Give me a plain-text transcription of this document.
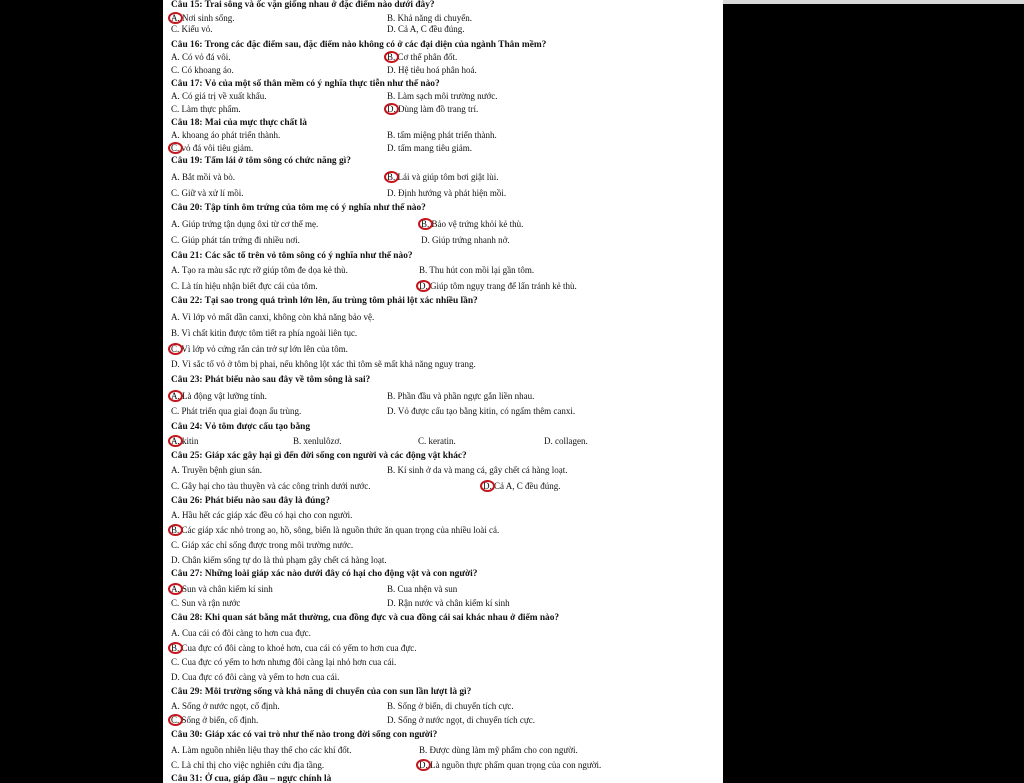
Câu 15: Trai sông và ốc vặn giống nhau ở đặc điểm nào dưới đây?
A. Nơi sinh sống.	B. Khả năng di chuyển.
C. Kiểu vỏ.	D. Cả A, C đều đúng.
Câu 16: Trong các đặc điểm sau, đặc điểm nào không có ở các đại diện của ngành Thân mềm?
A. Có vỏ đá vôi.	B. Cơ thể phân đốt.
C. Có khoang áo.	D. Hệ tiêu hoá phân hoá.
Câu 17: Vỏ của một số thân mềm có ý nghĩa thực tiễn như thế nào?
A. Có giá trị về xuất khẩu.	B. Làm sạch môi trường nước.
C. Làm thực phẩm.	D. Dùng làm đồ trang trí.
Câu 18: Mai của mực thực chất là
A. khoang áo phát triển thành.	B. tấm miệng phát triển thành.
C. vỏ đá vôi tiêu giảm.	D. tấm mang tiêu giảm.
Câu 19: Tấm lái ở tôm sông có chức năng gì?
A. Bắt mồi và bò.	B. Lái và giúp tôm bơi giật lùi.
C. Giữ và xử lí mồi.	D. Định hướng và phát hiện mồi.
Câu 20: Tập tính ôm trứng của tôm mẹ có ý nghĩa như thế nào?
A. Giúp trứng tận dụng ôxi từ cơ thể mẹ.	B. Bảo vệ trứng khỏi kẻ thù.
C. Giúp phát tán trứng đi nhiều nơi.	D. Giúp trứng nhanh nở.
Câu 21: Các sắc tố trên vỏ tôm sông có ý nghĩa như thế nào?
A. Tạo ra màu sắc rực rỡ giúp tôm đe dọa kẻ thù.	B. Thu hút con mồi lại gần tôm.
C. Là tín hiệu nhận biết đực cái của tôm.	D. Giúp tôm ngụy trang để lẩn tránh kẻ thù.
Câu 22: Tại sao trong quá trình lớn lên, ấu trùng tôm phải lột xác nhiều lần?
A. Vì lớp vỏ mất dần canxi, không còn khả năng bảo vệ.
B. Vì chất kitin được tôm tiết ra phía ngoài liên tục.
C. Vì lớp vỏ cứng rắn cản trở sự lớn lên của tôm.
D. Vì sắc tố vỏ ở tôm bị phai, nếu không lột xác thì tôm sẽ mất khả năng nguy trang.
Câu 23: Phát biểu nào sau đây về tôm sông là sai?
A. Là động vật lưỡng tính.	B. Phần đầu và phần ngực gắn liền nhau.
C. Phát triển qua giai đoạn ấu trùng.	D. Vỏ được cấu tạo bằng kitin, có ngấm thêm canxi.
Câu 24: Vỏ tôm được cấu tạo bằng
A. kitin	B. xenlulôzơ.	C. keratin.	D. collagen.
Câu 25: Giáp xác gây hại gì đến đời sống con người và các động vật khác?
A. Truyền bệnh giun sán.	B. Kí sinh ở da và mang cá, gây chết cá hàng loạt.
C. Gây hại cho tàu thuyền và các công trình dưới nước.	D. Cả A, C đều đúng.
Câu 26: Phát biểu nào sau đây là đúng?
A. Hầu hết các giáp xác đều có hại cho con người.
B. Các giáp xác nhỏ trong ao, hồ, sông, biển là nguồn thức ăn quan trọng của nhiều loài cá.
C. Giáp xác chỉ sống được trong môi trường nước.
D. Chân kiếm sống tự do là thủ phạm gây chết cá hàng loạt.
Câu 27: Những loài giáp xác nào dưới đây có hại cho động vật và con người?
A. Sun và chân kiếm kí sinh	B. Cua nhện và sun
C. Sun và rận nước	D. Rận nước và chân kiếm kí sinh
Câu 28: Khi quan sát bằng mắt thường, cua đồng đực và cua đồng cái sai khác nhau ở điểm nào?
A. Cua cái có đôi càng to hơn cua đực.
B. Cua đực có đôi càng to khoẻ hơn, cua cái có yếm to hơn cua đực.
C. Cua đực có yếm to hơn nhưng đôi càng lại nhỏ hơn cua cái.
D. Cua đực có đôi càng và yếm to hơn cua cái.
Câu 29: Môi trường sống và khả năng di chuyển của con sun lần lượt là gì?
A. Sống ở nước ngọt, cố định.	B. Sống ở biển, di chuyển tích cực.
C. Sống ở biển, cố định.	D. Sống ở nước ngọt, di chuyển tích cực.
Câu 30: Giáp xác có vai trò như thế nào trong đời sống con người?
A. Làm nguồn nhiên liệu thay thế cho các khí đốt.	B. Được dùng làm mỹ phẩm cho con người.
C. Là chỉ thị cho việc nghiên cứu địa tầng.	D. Là nguồn thực phẩm quan trọng của con người.
Câu 31: Ở cua, giáp đầu – ngực chính là
